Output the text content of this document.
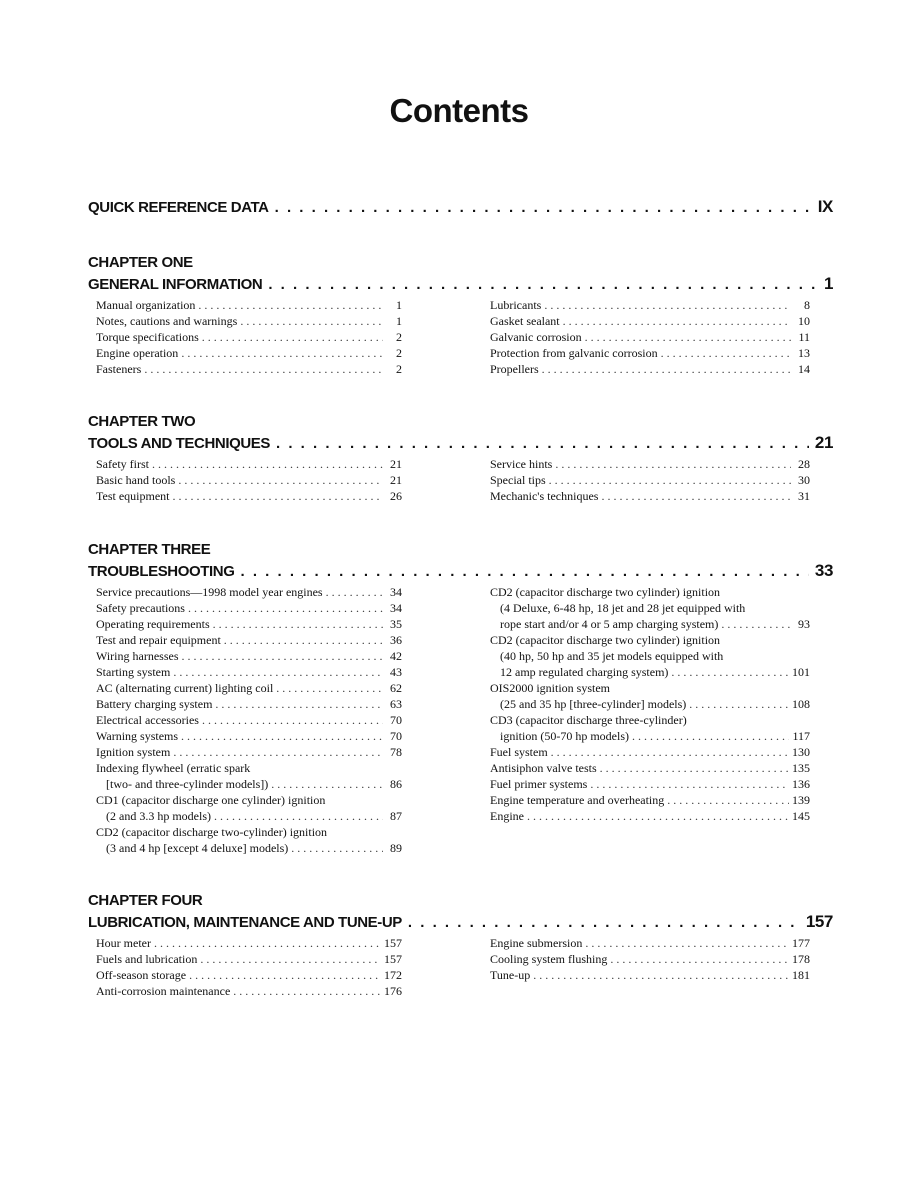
Contents
QUICK REFERENCE DATA . . .	IX
CHAPTER ONE
GENERAL INFORMATION . . .	1
Manual organization . . .	1
Notes, cautions and warnings . . .	1
Torque specifications . . .	2
Engine operation . . .	2
Fasteners . . .	2
Lubricants . . .	8
Gasket sealant . . .	10
Galvanic corrosion . . .	11
Protection from galvanic corrosion . . .	13
Propellers . . .	14
CHAPTER TWO
TOOLS AND TECHNIQUES . . .	21
Safety first . . .	21
Basic hand tools . . .	21
Test equipment . . .	26
Service hints . . .	28
Special tips . . .	30
Mechanic's techniques . . .	31
CHAPTER THREE
TROUBLESHOOTING . . .	33
Service precautions—1998 model year engines . . .	34
Safety precautions . . .	34
Operating requirements . . .	35
Test and repair equipment . . .	36
Wiring harnesses . . .	42
Starting system . . .	43
AC (alternating current) lighting coil . . .	62
Battery charging system . . .	63
Electrical accessories . . .	70
Warning systems . . .	70
Ignition system . . .	78
Indexing flywheel (erratic spark
[two- and three-cylinder models]) . . .	86
CD1 (capacitor discharge one cylinder) ignition
(2 and 3.3 hp models) . . .	87
CD2 (capacitor discharge two-cylinder) ignition
(3 and 4 hp [except 4 deluxe] models) . . .	89
CD2 (capacitor discharge two cylinder) ignition
(4 Deluxe, 6-48 hp, 18 jet and 28 jet equipped with
rope start and/or 4 or 5 amp charging system) . . .	93
CD2 (capacitor discharge two cylinder) ignition
(40 hp, 50 hp and 35 jet models equipped with
12 amp regulated charging system) . . .	101
OIS2000 ignition system
(25 and 35 hp [three-cylinder] models) . . .	108
CD3 (capacitor discharge three-cylinder)
ignition (50-70 hp models) . . .	117
Fuel system . . .	130
Antisiphon valve tests . . .	135
Fuel primer systems . . .	136
Engine temperature and overheating . . .	139
Engine . . .	145
CHAPTER FOUR
LUBRICATION, MAINTENANCE AND TUNE-UP . . .	157
Hour meter . . .	157
Fuels and lubrication . . .	157
Off-season storage . . .	172
Anti-corrosion maintenance . . .	176
Engine submersion . . .	177
Cooling system flushing . . .	178
Tune-up . . .	181
